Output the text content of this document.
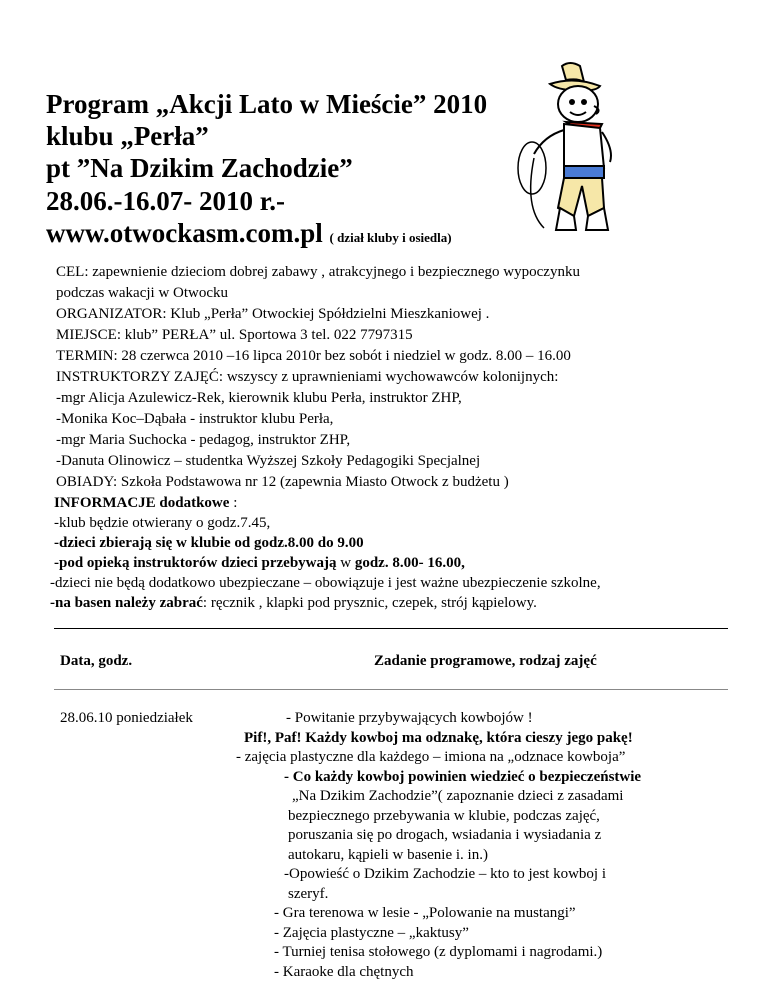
Program „Akcji Lato w Mieście” 2010
klubu „Perła”
pt ”Na Dzikim Zachodzie”
28.06.-16.07- 2010 r.-
www.otwockasm.com.pl ( dział kluby i osiedla)
CEL: zapewnienie dzieciom dobrej zabawy , atrakcyjnego i bezpiecznego wypoczynku
podczas wakacji w Otwocku
ORGANIZATOR: Klub „Perła” Otwockiej Spółdzielni Mieszkaniowej .
MIEJSCE: klub” PERŁA” ul. Sportowa 3 tel. 022 7797315
TERMIN: 28 czerwca 2010 –16 lipca 2010r bez sobót i niedziel w godz. 8.00 – 16.00
INSTRUKTORZY ZAJĘĆ: wszyscy z uprawnieniami wychowawców kolonijnych:
-mgr Alicja Azulewicz-Rek, kierownik klubu Perła, instruktor ZHP,
-Monika Koc–Dąbała - instruktor klubu Perła,
-mgr Maria Suchocka - pedagog, instruktor ZHP,
-Danuta Olinowicz – studentka Wyższej Szkoły Pedagogiki Specjalnej
OBIADY: Szkoła Podstawowa nr 12 (zapewnia Miasto Otwock z budżetu )
INFORMACJE dodatkowe :
-klub będzie otwierany o godz.7.45,
-dzieci zbierają się w klubie od godz.8.00 do 9.00
-pod opieką instruktorów dzieci przebywają w godz. 8.00- 16.00,
-dzieci nie będą dodatkowo ubezpieczane – obowiązuje i jest ważne ubezpieczenie szkolne,
-na basen należy zabrać: ręcznik , klapki pod prysznic, czepek, strój kąpielowy.
Data, godz.	Zadanie programowe, rodzaj zajęć
28.06.10 poniedziałek	- Powitanie przybywających kowbojów !
Pif!, Paf! Każdy kowboj ma odznakę, która cieszy jego pakę!
- zajęcia plastyczne dla każdego – imiona na „odznace kowboja”
- Co każdy kowboj powinien wiedzieć o bezpieczeństwie
„Na Dzikim Zachodzie”( zapoznanie dzieci z zasadami
bezpiecznego przebywania w klubie, podczas zajęć,
poruszania się po drogach, wsiadania i wysiadania z
autokaru, kąpieli w basenie i. in.)
-Opowieść o Dzikim Zachodzie – kto to jest kowboj i
szeryf.
- Gra terenowa w lesie - „Polowanie na mustangi”
- Zajęcia plastyczne – „kaktusy”
- Turniej tenisa stołowego (z dyplomami i nagrodami.)
- Karaoke dla chętnych
